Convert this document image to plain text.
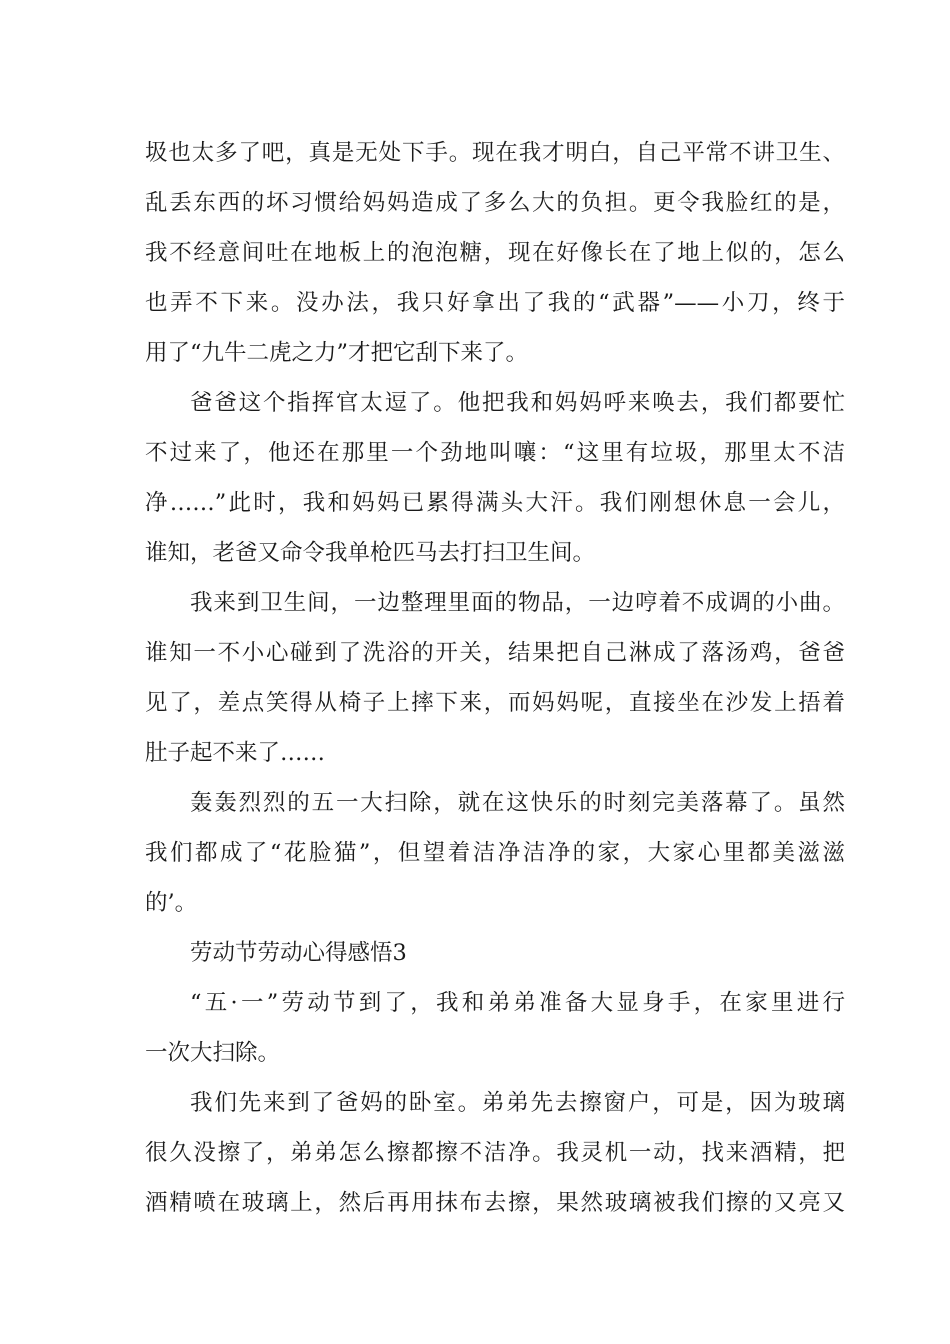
圾也太多了吧，真是无处下手。现在我才明白，自己平常不讲卫生、
乱丢东西的坏习惯给妈妈造成了多么大的负担。更令我脸红的是，
我不经意间吐在地板上的泡泡糖，现在好像长在了地上似的，怎么
也弄不下来。没办法，我只好拿出了我的“武器”——小刀，终于
用了“九牛二虎之力”才把它刮下来了。
爸爸这个指挥官太逗了。他把我和妈妈呼来唤去，我们都要忙
不过来了，他还在那里一个劲地叫嚷：“这里有垃圾，那里太不洁
净……”此时，我和妈妈已累得满头大汗。我们刚想休息一会儿，
谁知，老爸又命令我单枪匹马去打扫卫生间。
我来到卫生间，一边整理里面的物品，一边哼着不成调的小曲。
谁知一不小心碰到了洗浴的开关，结果把自己淋成了落汤鸡，爸爸
见了，差点笑得从椅子上摔下来，而妈妈呢，直接坐在沙发上捂着
肚子起不来了……
轰轰烈烈的五一大扫除，就在这快乐的时刻完美落幕了。虽然
我们都成了“花脸猫”，但望着洁净洁净的家，大家心里都美滋滋
的’。
劳动节劳动心得感悟3
“五·一”劳动节到了，我和弟弟准备大显身手，在家里进行
一次大扫除。
我们先来到了爸妈的卧室。弟弟先去擦窗户，可是，因为玻璃
很久没擦了，弟弟怎么擦都擦不洁净。我灵机一动，找来酒精，把
酒精喷在玻璃上，然后再用抹布去擦，果然玻璃被我们擦的又亮又
